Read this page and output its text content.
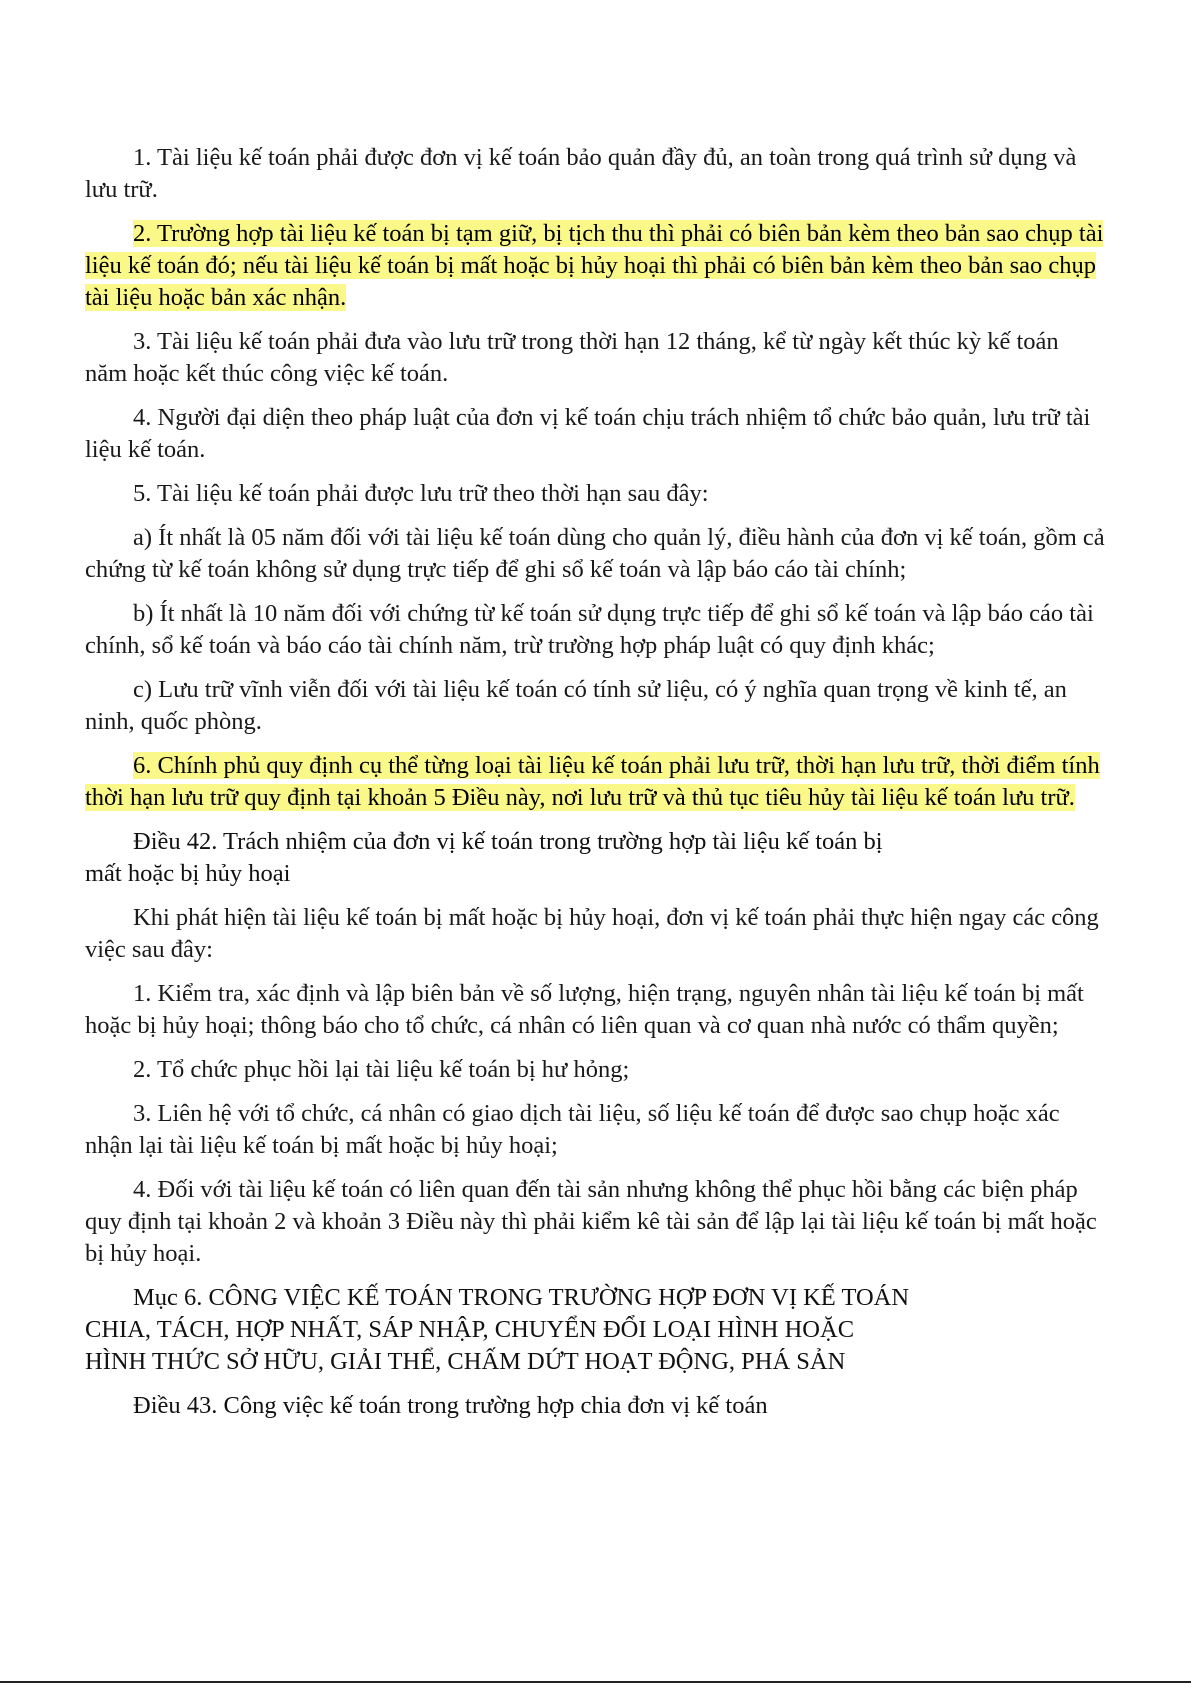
1. Tài liệu kế toán phải được đơn vị kế toán bảo quản đầy đủ, an toàn trong quá trình sử dụng và lưu trữ.

2. Trường hợp tài liệu kế toán bị tạm giữ, bị tịch thu thì phải có biên bản kèm theo bản sao chụp tài liệu kế toán đó; nếu tài liệu kế toán bị mất hoặc bị hủy hoại thì phải có biên bản kèm theo bản sao chụp tài liệu hoặc bản xác nhận.

3. Tài liệu kế toán phải đưa vào lưu trữ trong thời hạn 12 tháng, kể từ ngày kết thúc kỳ kế toán năm hoặc kết thúc công việc kế toán.

4. Người đại diện theo pháp luật của đơn vị kế toán chịu trách nhiệm tổ chức bảo quản, lưu trữ tài liệu kế toán.

5. Tài liệu kế toán phải được lưu trữ theo thời hạn sau đây:

a) Ít nhất là 05 năm đối với tài liệu kế toán dùng cho quản lý, điều hành của đơn vị kế toán, gồm cả chứng từ kế toán không sử dụng trực tiếp để ghi sổ kế toán và lập báo cáo tài chính;

b) Ít nhất là 10 năm đối với chứng từ kế toán sử dụng trực tiếp để ghi sổ kế toán và lập báo cáo tài chính, sổ kế toán và báo cáo tài chính năm, trừ trường hợp pháp luật có quy định khác;

c) Lưu trữ vĩnh viễn đối với tài liệu kế toán có tính sử liệu, có ý nghĩa quan trọng về kinh tế, an ninh, quốc phòng.

6. Chính phủ quy định cụ thể từng loại tài liệu kế toán phải lưu trữ, thời hạn lưu trữ, thời điểm tính thời hạn lưu trữ quy định tại khoản 5 Điều này, nơi lưu trữ và thủ tục tiêu hủy tài liệu kế toán lưu trữ.

Điều 42. Trách nhiệm của đơn vị kế toán trong trường hợp tài liệu kế toán bị
mất hoặc bị hủy hoại

Khi phát hiện tài liệu kế toán bị mất hoặc bị hủy hoại, đơn vị kế toán phải thực hiện ngay các công việc sau đây:

1. Kiểm tra, xác định và lập biên bản về số lượng, hiện trạng, nguyên nhân tài liệu kế toán bị mất hoặc bị hủy hoại; thông báo cho tổ chức, cá nhân có liên quan và cơ quan nhà nước có thẩm quyền;

2. Tổ chức phục hồi lại tài liệu kế toán bị hư hỏng;

3. Liên hệ với tổ chức, cá nhân có giao dịch tài liệu, số liệu kế toán để được sao chụp hoặc xác nhận lại tài liệu kế toán bị mất hoặc bị hủy hoại;

4. Đối với tài liệu kế toán có liên quan đến tài sản nhưng không thể phục hồi bằng các biện pháp quy định tại khoản 2 và khoản 3 Điều này thì phải kiểm kê tài sản để lập lại tài liệu kế toán bị mất hoặc bị hủy hoại.

Mục 6. CÔNG VIỆC KẾ TOÁN TRONG TRƯỜNG HỢP ĐƠN VỊ KẾ TOÁN
CHIA, TÁCH, HỢP NHẤT, SÁP NHẬP, CHUYỂN ĐỔI LOẠI HÌNH HOẶC
HÌNH THỨC SỞ HỮU, GIẢI THỂ, CHẤM DỨT HOẠT ĐỘNG, PHÁ SẢN

Điều 43. Công việc kế toán trong trường hợp chia đơn vị kế toán
